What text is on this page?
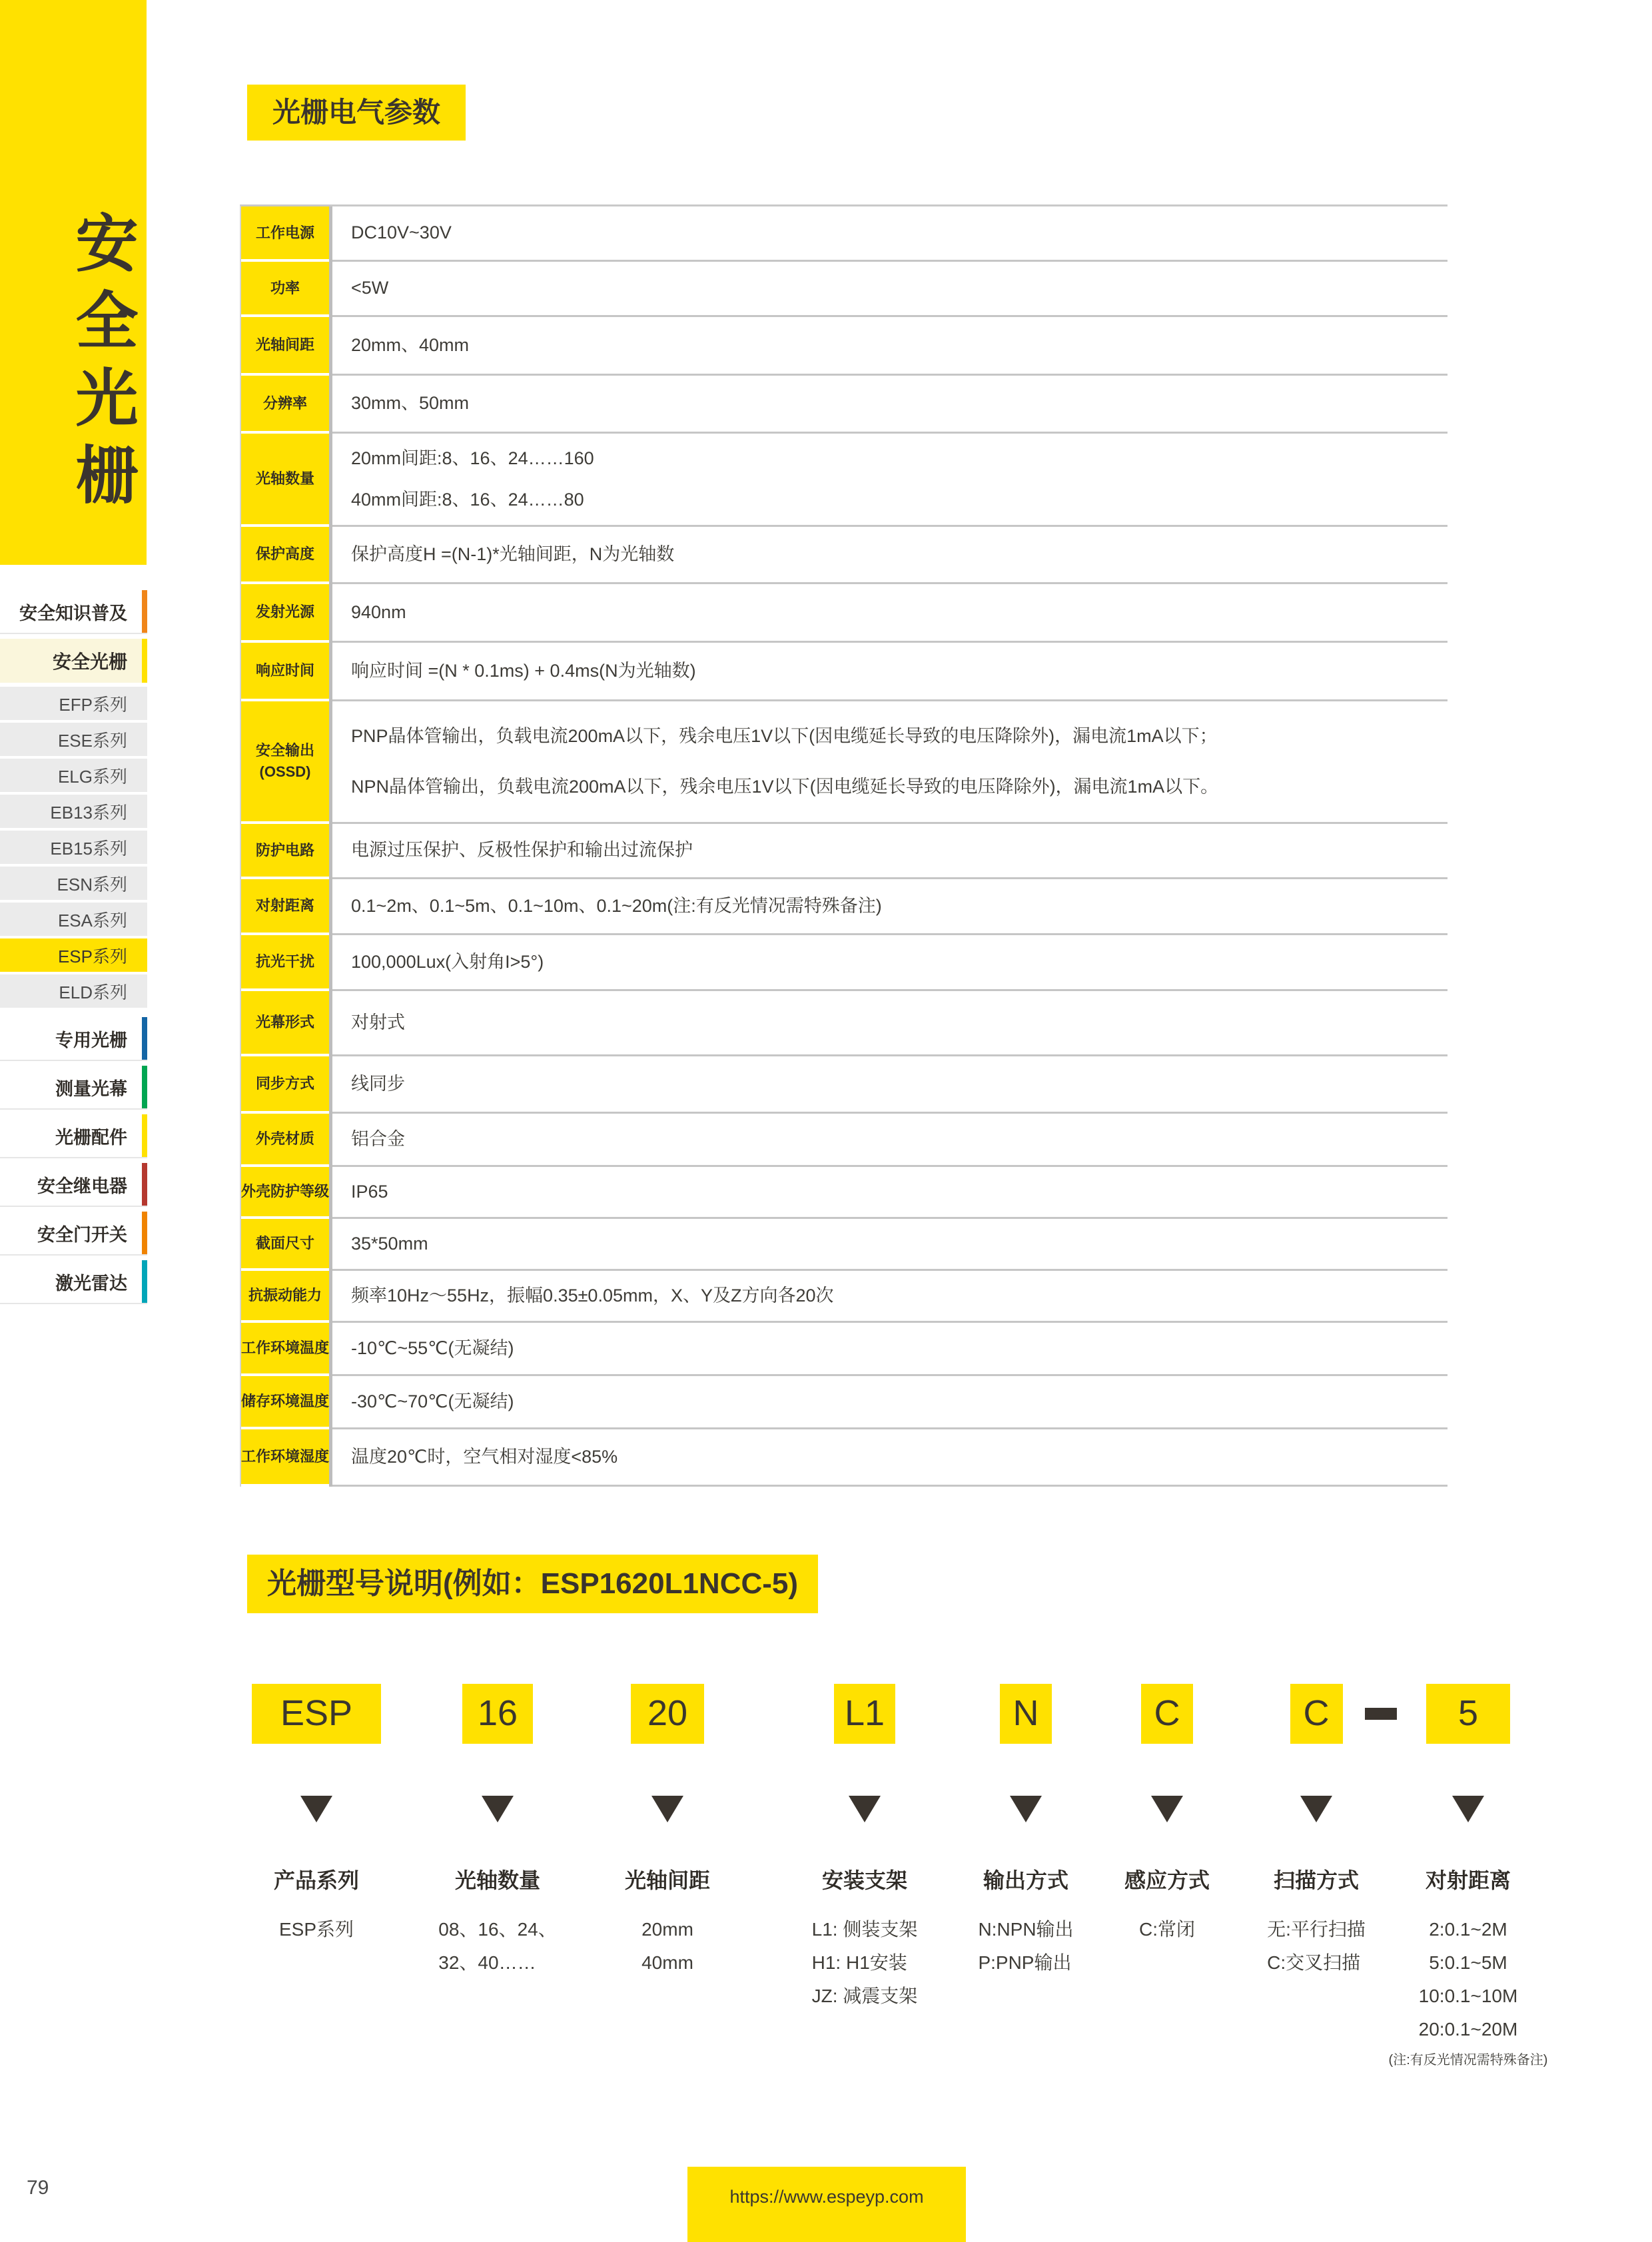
安全光栅
安全知识普及
安全光栅
EFP系列
ESE系列
ELG系列
EB13系列
EB15系列
ESN系列
ESA系列
ESP系列
ELD系列
专用光栅
测量光幕
光栅配件
安全继电器
安全门开关
激光雷达
光栅电气参数
工作电源 DC10V~30V
功率	<5W
光轴间距 20mm、40mm
分辨率 30mm、50mm
光轴数量
20mm间距:8、16、24……160
40mm间距:8、16、24……80
保护高度 保护高度H =(N-1)*光轴间距，N为光轴数
发射光源 940nm
响应时间 响应时间 =(N * 0.1ms) + 0.4ms(N为光轴数)
安全输出
(OSSD)
PNP晶体管输出，负载电流200mA以下，残余电压1V以下(因电缆延长导致的电压降除外)，漏电流1mA以下；
NPN晶体管输出，负载电流200mA以下，残余电压1V以下(因电缆延长导致的电压降除外)，漏电流1mA以下。
防护电路 电源过压保护、反极性保护和输出过流保护
对射距离 0.1~2m、0.1~5m、0.1~10m、0.1~20m(注:有反光情况需特殊备注)
抗光干扰 100,000Lux(入射角I>5°)
光幕形式 对射式
同步方式 线同步
外壳材质 铝合金
外壳防护等级 IP65
截面尺寸 35*50mm
抗振动能力 频率10Hz～55Hz，振幅0.35±0.05mm，X、Y及Z方向各20次
工作环境温度 -10℃~55℃(无凝结)
储存环境温度 -30℃~70℃(无凝结)
工作环境湿度 温度20℃时，空气相对湿度<85%
光栅型号说明(例如：ESP1620L1NCC-5)
ESP
产品系列
ESP系列
16
光轴数量
08、16、24、
32、40……
20
光轴间距
20mm
40mm
L1
安装支架
L1: 侧装支架
H1: H1安装
JZ: 减震支架
N
输出方式
N:NPN输出
P:PNP输出
C
感应方式
C:常闭
C
扫描方式
无:平行扫描
C:交叉扫描
5
对射距离
2:0.1~2M
5:0.1~5M
10:0.1~10M
20:0.1~20M
(注:有反光情况需特殊备注)
79	https://www.espeyp.com
